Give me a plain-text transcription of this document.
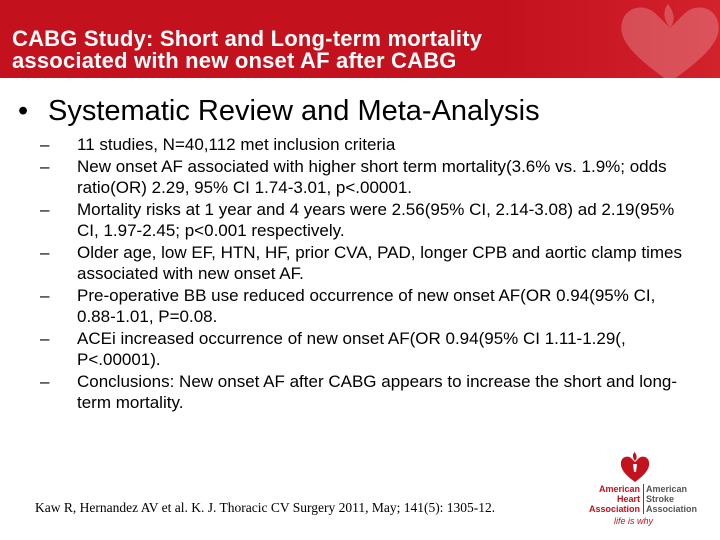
CABG Study: Short and Long-term mortality
associated with new onset AF after CABG
• Systematic Review and Meta-Analysis
– 11 studies, N=40,112 met inclusion criteria
– New onset AF associated with higher short term mortality(3.6% vs. 1.9%; odds ratio(OR) 2.29, 95% CI 1.74-3.01, p<.00001.
– Mortality risks at 1 year and 4 years were 2.56(95% CI, 2.14-3.08) ad 2.19(95% CI, 1.97-2.45; p<0.001 respectively.
– Older age, low EF, HTN, HF, prior CVA, PAD, longer CPB and aortic clamp times associated with new onset AF.
– Pre-operative BB use reduced occurrence of new onset AF(OR 0.94(95% CI, 0.88-1.01, P=0.08.
– ACEi increased occurrence of new onset AF(OR 0.94(95% CI 1.11-1.29(, P<.00001).
– Conclusions: New onset AF after CABG appears to increase the short and long-term mortality.
Kaw R, Hernandez AV et al. K. J. Thoracic CV Surgery 2011, May; 141(5): 1305-12.
American
Heart
Association
American
Stroke
Association
life is why
